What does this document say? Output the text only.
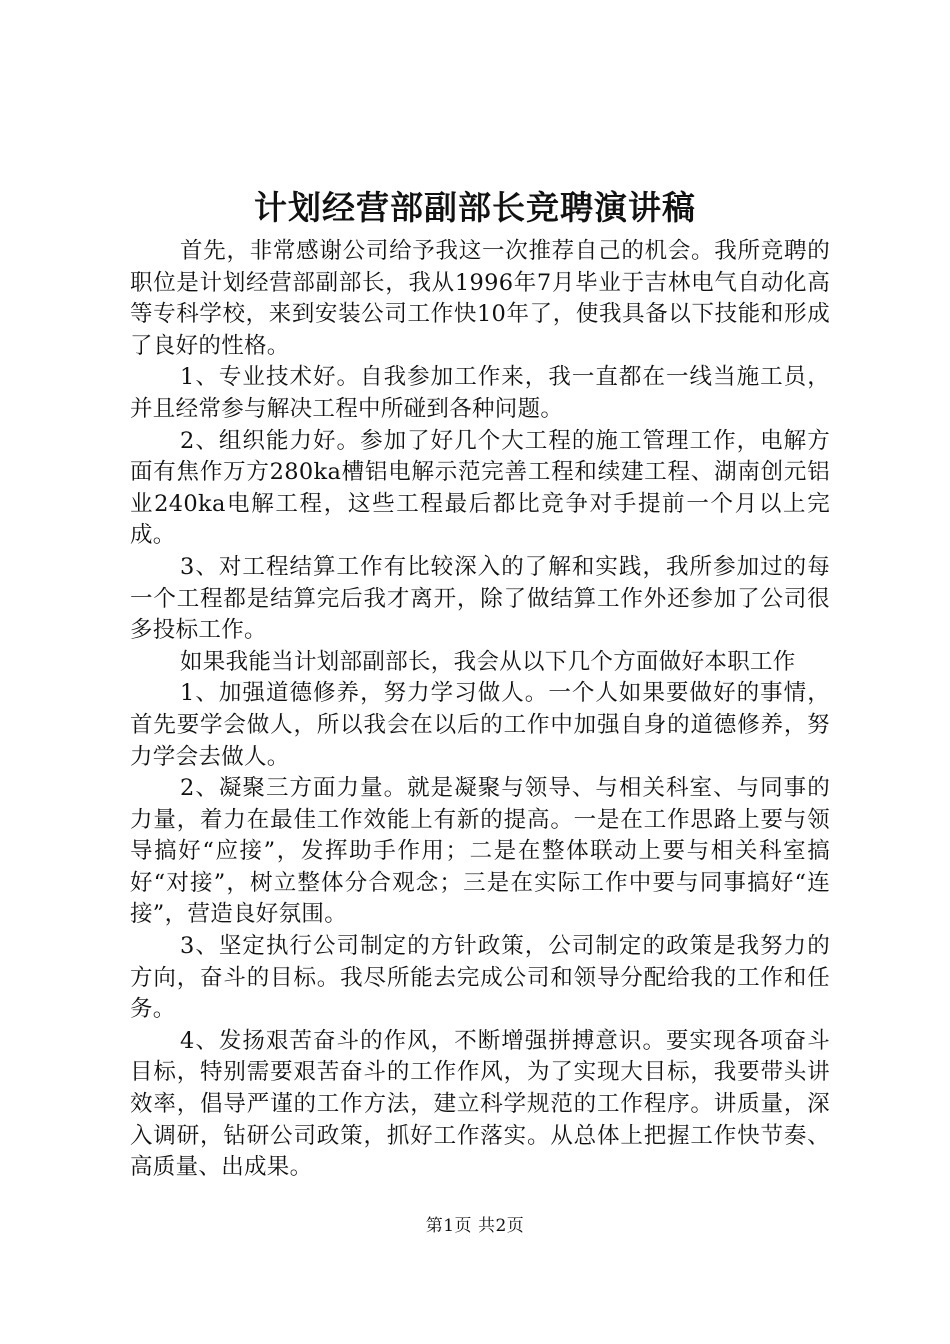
计划经营部副部长竞聘演讲稿

首先，非常感谢公司给予我这一次推荐自己的机会。我所竞聘的职位是计划经营部副部长，我从1996年7月毕业于吉林电气自动化高等专科学校，来到安装公司工作快10年了，使我具备以下技能和形成了良好的性格。

1、专业技术好。自我参加工作来，我一直都在一线当施工员，并且经常参与解决工程中所碰到各种问题。

2、组织能力好。参加了好几个大工程的施工管理工作，电解方面有焦作万方280ka槽铝电解示范完善工程和续建工程、湖南创元铝业240ka电解工程，这些工程最后都比竞争对手提前一个月以上完成。

3、对工程结算工作有比较深入的了解和实践，我所参加过的每一个工程都是结算完后我才离开，除了做结算工作外还参加了公司很多投标工作。

如果我能当计划部副部长，我会从以下几个方面做好本职工作

1、加强道德修养，努力学习做人。一个人如果要做好的事情，首先要学会做人，所以我会在以后的工作中加强自身的道德修养，努力学会去做人。

2、凝聚三方面力量。就是凝聚与领导、与相关科室、与同事的力量，着力在最佳工作效能上有新的提高。一是在工作思路上要与领导搞好“应接”，发挥助手作用；二是在整体联动上要与相关科室搞好“对接”，树立整体分合观念；三是在实际工作中要与同事搞好“连接”，营造良好氛围。

3、坚定执行公司制定的方针政策，公司制定的政策是我努力的方向，奋斗的目标。我尽所能去完成公司和领导分配给我的工作和任务。

4、发扬艰苦奋斗的作风，不断增强拼搏意识。要实现各项奋斗目标，特别需要艰苦奋斗的工作作风，为了实现大目标，我要带头讲效率，倡导严谨的工作方法，建立科学规范的工作程序。讲质量，深入调研，钻研公司政策，抓好工作落实。从总体上把握工作快节奏、高质量、出成果。

第1页 共2页
